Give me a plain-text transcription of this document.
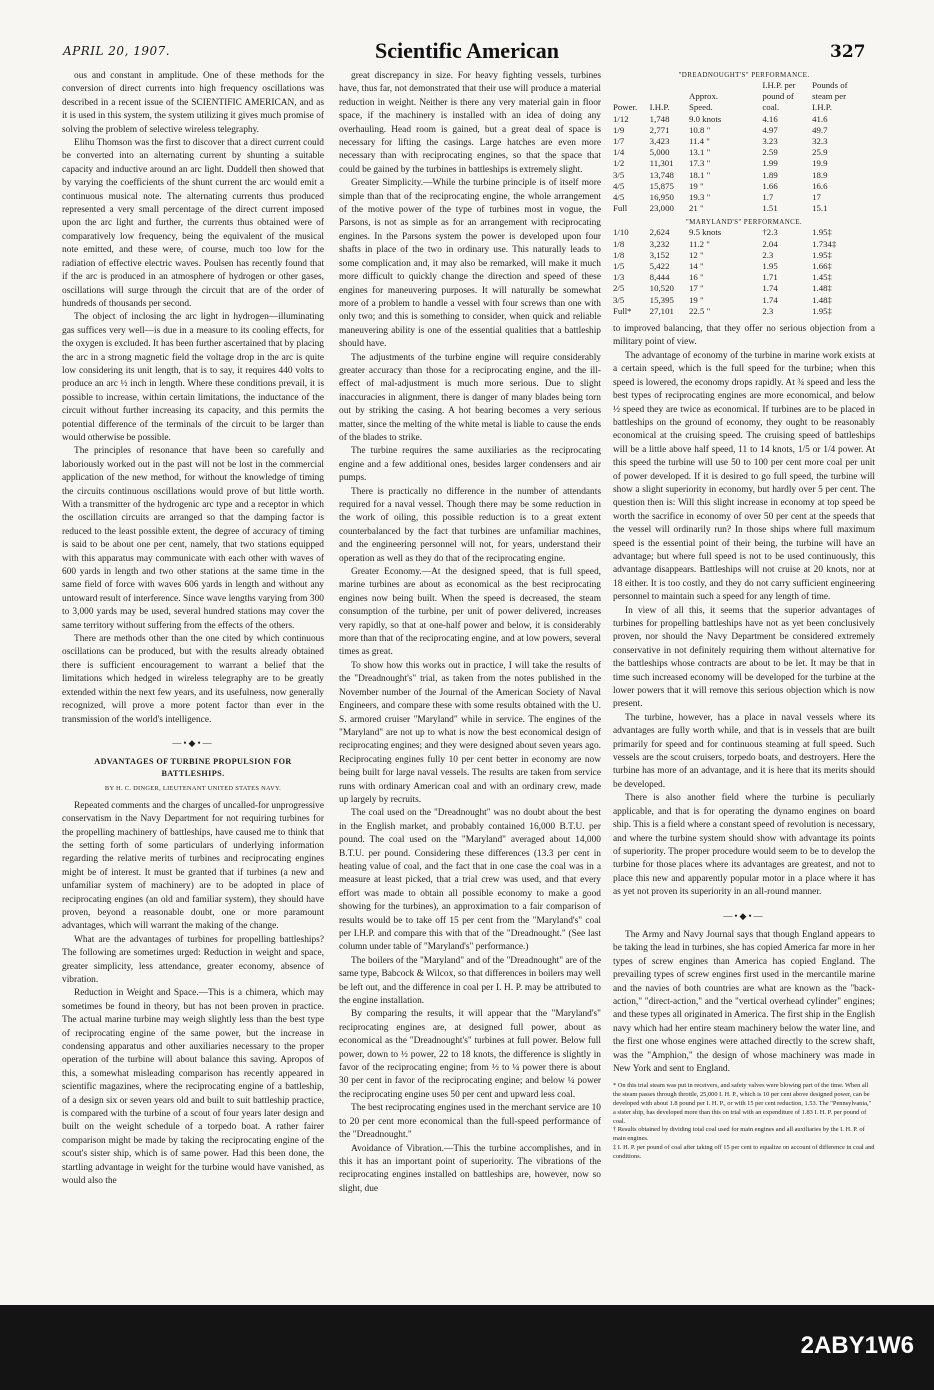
APRIL 20, 1907.	Scientific American	327

ous and constant in amplitude. One of these methods for the conversion of direct currents into high frequency oscillations was described in a recent issue of the SCIENTIFIC AMERICAN, and as it is used in this system, the system utilizing it gives much promise of solving the problem of selective wireless telegraphy.

Elihu Thomson was the first to discover that a direct current could be converted into an alternating current by shunting a suitable capacity and inductive around an arc light. Duddell then showed that by varying the coefficients of the shunt current the arc would emit a continuous musical note. The alternating currents thus produced represented a very small percentage of the direct current imposed upon the arc light and further, the currents thus obtained were of comparatively low frequency, being the equivalent of the musical note emitted, and these were, of course, much too low for the radiation of effective electric waves. Poulsen has recently found that if the arc is produced in an atmosphere of hydrogen or other gases, oscillations will surge through the circuit that are of the order of hundreds of thousands per second.

The object of inclosing the arc light in hydrogen—illuminating gas suffices very well—is due in a measure to its cooling effects, for the oxygen is excluded. It has been further ascertained that by placing the arc in a strong magnetic field the voltage drop in the arc is quite low considering its unit length, that is to say, it requires 440 volts to produce an arc ½ inch in length. Where these conditions prevail, it is possible to increase, within certain limitations, the inductance of the circuit without further increasing its capacity, and this permits the potential difference of the terminals of the circuit to be larger than would otherwise be possible.

The principles of resonance that have been so carefully and laboriously worked out in the past will not be lost in the commercial application of the new method, for without the knowledge of timing the circuits continuous oscillations would prove of but little worth. With a transmitter of the hydrogenic arc type and a receptor in which the oscillation circuits are arranged so that the damping factor is reduced to the least possible extent, the degree of accuracy of timing is said to be about one per cent, namely, that two stations equipped with this apparatus may communicate with each other with waves of 600 yards in length and two other stations at the same time in the same field of force with waves 606 yards in length and without any untoward result of interference. Since wave lengths varying from 300 to 3,000 yards may be used, several hundred stations may cover the same territory without suffering from the effects of the others.

There are methods other than the one cited by which continuous oscillations can be produced, but with the results already obtained there is sufficient encouragement to warrant a belief that the limitations which hedged in wireless telegraphy are to be greatly extended within the next few years, and its usefulness, now generally recognized, will prove a more potent factor than ever in the transmission of the world's intelligence.

—•◆•—
ADVANTAGES OF TURBINE PROPULSION FOR BATTLESHIPS.
BY H. C. DINGER, LIEUTENANT UNITED STATES NAVY.

Repeated comments and the charges of uncalled-for unprogressive conservatism in the Navy Department for not requiring turbines for the propelling machinery of battleships, have caused me to think that the setting forth of some particulars of underlying information regarding the relative merits of turbines and reciprocating engines might be of interest. It must be granted that if turbines (a new and unfamiliar system of machinery) are to be adopted in place of reciprocating engines (an old and familiar system), they should have proven, beyond a reasonable doubt, one or more paramount advantages, which will warrant the making of the change.

What are the advantages of turbines for propelling battleships? The following are sometimes urged: Reduction in weight and space, greater simplicity, less attendance, greater economy, absence of vibration.

Reduction in Weight and Space.—This is a chimera, which may sometimes be found in theory, but has not been proven in practice. The actual marine turbine may weigh slightly less than the best type of reciprocating engine of the same power, but the increase in condensing apparatus and other auxiliaries necessary to the proper operation of the turbine will about balance this saving. Apropos of this, a somewhat misleading comparison has recently appeared in scientific magazines, where the reciprocating engine of a battleship, of a design six or seven years old and built to suit battleship practice, is compared with the turbine of a scout of four years later design and built on the weight schedule of a torpedo boat. A rather fairer comparison might be made by taking the reciprocating engine of the scout's sister ship, which is of same power. Had this been done, the startling advantage in weight for the turbine would have vanished, as would also the

great discrepancy in size. For heavy fighting vessels, turbines have, thus far, not demonstrated that their use will produce a material reduction in weight. Neither is there any very material gain in floor space, if the machinery is installed with an idea of doing any overhauling. Head room is gained, but a great deal of space is necessary for lifting the casings. Large hatches are even more necessary than with reciprocating engines, so that the space that could be gained by the turbines in battleships is extremely slight.

Greater Simplicity.—While the turbine principle is of itself more simple than that of the reciprocating engine, the whole arrangement of the motive power of the type of turbines most in vogue, the Parsons, is not as simple as for an arrangement with reciprocating engines. In the Parsons system the power is developed upon four shafts in place of the two in ordinary use. This naturally leads to some complication and, it may also be remarked, will make it much more difficult to quickly change the direction and speed of these engines for maneuvering purposes. It will naturally be somewhat more of a problem to handle a vessel with four screws than one with only two; and this is something to consider, when quick and reliable maneuvering ability is one of the essential qualities that a battleship should have.

The adjustments of the turbine engine will require considerably greater accuracy than those for a reciprocating engine, and the ill-effect of mal-adjustment is much more serious. Due to slight inaccuracies in alignment, there is danger of many blades being torn out by striking the casing. A hot bearing becomes a very serious matter, since the melting of the white metal is liable to cause the ends of the blades to strike.

The turbine requires the same auxiliaries as the reciprocating engine and a few additional ones, besides larger condensers and air pumps.

There is practically no difference in the number of attendants required for a naval vessel. Though there may be some reduction in the work of oiling, this possible reduction is to a great extent counterbalanced by the fact that turbines are unfamiliar machines, and the engineering personnel will not, for years, understand their operation as well as they do that of the reciprocating engine.

Greater Economy.—At the designed speed, that is full speed, marine turbines are about as economical as the best reciprocating engines now being built. When the speed is decreased, the steam consumption of the turbine, per unit of power delivered, increases very rapidly, so that at one-half power and below, it is considerably more than that of the reciprocating engine, and at low powers, several times as great.

To show how this works out in practice, I will take the results of the "Dreadnought's" trial, as taken from the notes published in the November number of the Journal of the American Society of Naval Engineers, and compare these with some results obtained with the U. S. armored cruiser "Maryland" while in service. The engines of the "Maryland" are not up to what is now the best economical design of reciprocating engines; and they were designed about seven years ago. Reciprocating engines fully 10 per cent better in economy are now being built for large naval vessels. The results are taken from service runs with ordinary American coal and with an ordinary crew, made up largely by recruits.

The coal used on the "Dreadnought" was no doubt about the best in the English market, and probably contained 16,000 B.T.U. per pound. The coal used on the "Maryland" averaged about 14,000 B.T.U. per pound. Considering these differences (13.3 per cent in heating value of coal, and the fact that in one case the coal was in a measure at least picked, that a trial crew was used, and that every effort was made to obtain all possible economy to make a good showing for the turbines), an approximation to a fair comparison of results would be to take off 15 per cent from the "Maryland's" coal per I.H.P. and compare this with that of the "Dreadnought." (See last column under table of "Maryland's" performance.)

The boilers of the "Maryland" and of the "Dreadnought" are of the same type, Babcock & Wilcox, so that differences in boilers may well be left out, and the difference in coal per I. H. P. may be attributed to the engine installation.

By comparing the results, it will appear that the "Maryland's" reciprocating engines are, at designed full power, about as economical as the "Dreadnought's" turbines at full power. Below full power, down to ½ power, 22 to 18 knots, the difference is slightly in favor of the reciprocating engine; from ½ to ¼ power there is about 30 per cent in favor of the reciprocating engine; and below ¼ power the reciprocating engine uses 50 per cent and upward less coal.

The best reciprocating engines used in the merchant service are 10 to 20 per cent more economical than the full-speed performance of the "Dreadnought."

Avoidance of Vibration.—This the turbine accomplishes, and in this it has an important point of superiority. The vibrations of the reciprocating engines installed on battleships are, however, now so slight, due

"DREADNOUGHT'S" PERFORMANCE.
			I.H.P. per	Pounds of
		Approx.	pound of	steam per
Power.	I.H.P.	Speed.	coal.	I.H.P.
1/12	1,748	9.0 knots	4.16	41.6
1/9	2,771	10.8 "	4.97	49.7
1/7	3,423	11.4 "	3.23	32.3
1/4	5,000	13.1 "	2.59	25.9
1/2	11,301	17.3 "	1.99	19.9
3/5	13,748	18.1 "	1.89	18.9
4/5	15,875	19 "	1.66	16.6
4/5	16,950	19.3 "	1.7	17
Full	23,000	21 "	1.51	15.1
"MARYLAND'S" PERFORMANCE.

1/10	2,624	9.5 knots	†2.3	1.95‡
1/8	3,232	11.2 "	2.04	1.734‡
1/8	3,152	12 "	2.3	1.95‡
1/5	5,422	14 "	1.95	1.66‡
1/3	8,444	16 "	1.71	1.45‡
2/5	10,520	17 "	1.74	1.48‡
3/5	15,395	19 "	1.74	1.48‡
Full*	27,101	22.5 "	2.3	1.95‡

to improved balancing, that they offer no serious objection from a military point of view.

The advantage of economy of the turbine in marine work exists at a certain speed, which is the full speed for the turbine; when this speed is lowered, the economy drops rapidly. At ¾ speed and less the best types of reciprocating engines are more economical, and below ½ speed they are twice as economical. If turbines are to be placed in battleships on the ground of economy, they ought to be reasonably economical at the cruising speed. The cruising speed of battleships will be a little above half speed, 11 to 14 knots, 1/5 or 1/4 power. At this speed the turbine will use 50 to 100 per cent more coal per unit of power developed. If it is desired to go full speed, the turbine will show a slight superiority in economy, but hardly over 5 per cent. The question then is: Will this slight increase in economy at top speed be worth the sacrifice in economy of over 50 per cent at the speeds that the vessel will ordinarily run? In those ships where full maximum speed is the essential point of their being, the turbine will have an advantage; but where full speed is not to be used continuously, this advantage disappears. Battleships will not cruise at 20 knots, nor at 18 either. It is too costly, and they do not carry sufficient engineering personnel to maintain such a speed for any length of time.

In view of all this, it seems that the superior advantages of turbines for propelling battleships have not as yet been conclusively proven, nor should the Navy Department be considered extremely conservative in not definitely requiring them without alternative for the battleships whose contracts are about to be let. It may be that in time such increased economy will be developed for the turbine at the lower powers that it will remove this serious objection which is now present.

The turbine, however, has a place in naval vessels where its advantages are fully worth while, and that is in vessels that are built primarily for speed and for continuous steaming at full speed. Such vessels are the scout cruisers, torpedo boats, and destroyers. Here the turbine has more of an advantage, and it is here that its merits should be developed.

There is also another field where the turbine is peculiarly applicable, and that is for operating the dynamo engines on board ship. This is a field where a constant speed of revolution is necessary, and where the turbine system should show with advantage its points of superiority. The proper procedure would seem to be to develop the turbine for those places where its advantages are greatest, and not to place this new and apparently popular motor in a place where it has as yet not proven its superiority in an all-round manner.

—•◆•—

The Army and Navy Journal says that though England appears to be taking the lead in turbines, she has copied America far more in her types of screw engines than America has copied England. The prevailing types of screw engines first used in the mercantile marine and the navies of both countries are what are known as the "back-action," "direct-action," and the "vertical overhead cylinder" engines; and these types all originated in America. The first ship in the English navy which had her entire steam machinery below the water line, and the first one whose engines were attached directly to the screw shaft, was the "Amphion," the design of whose machinery was made in New York and sent to England.

* On this trial steam was put in receivers, and safety valves were blowing part of the time. When all the steam passes through throttle, 25,000 I. H. P., which is 10 per cent above designed power, can be developed with about 1.8 pound per I. H. P., or with 15 per cent reduction, 1.53. The "Pennsylvania," a sister ship, has developed more than this on trial with an expenditure of 1.83 I. H. P. per pound of coal.
† Results obtained by dividing total coal used for main engines and all auxiliaries by the I. H. P. of main engines.
‡ I. H. P. per pound of coal after taking off 15 per cent to equalize on account of difference in coal and conditions.
2ABY1W6
